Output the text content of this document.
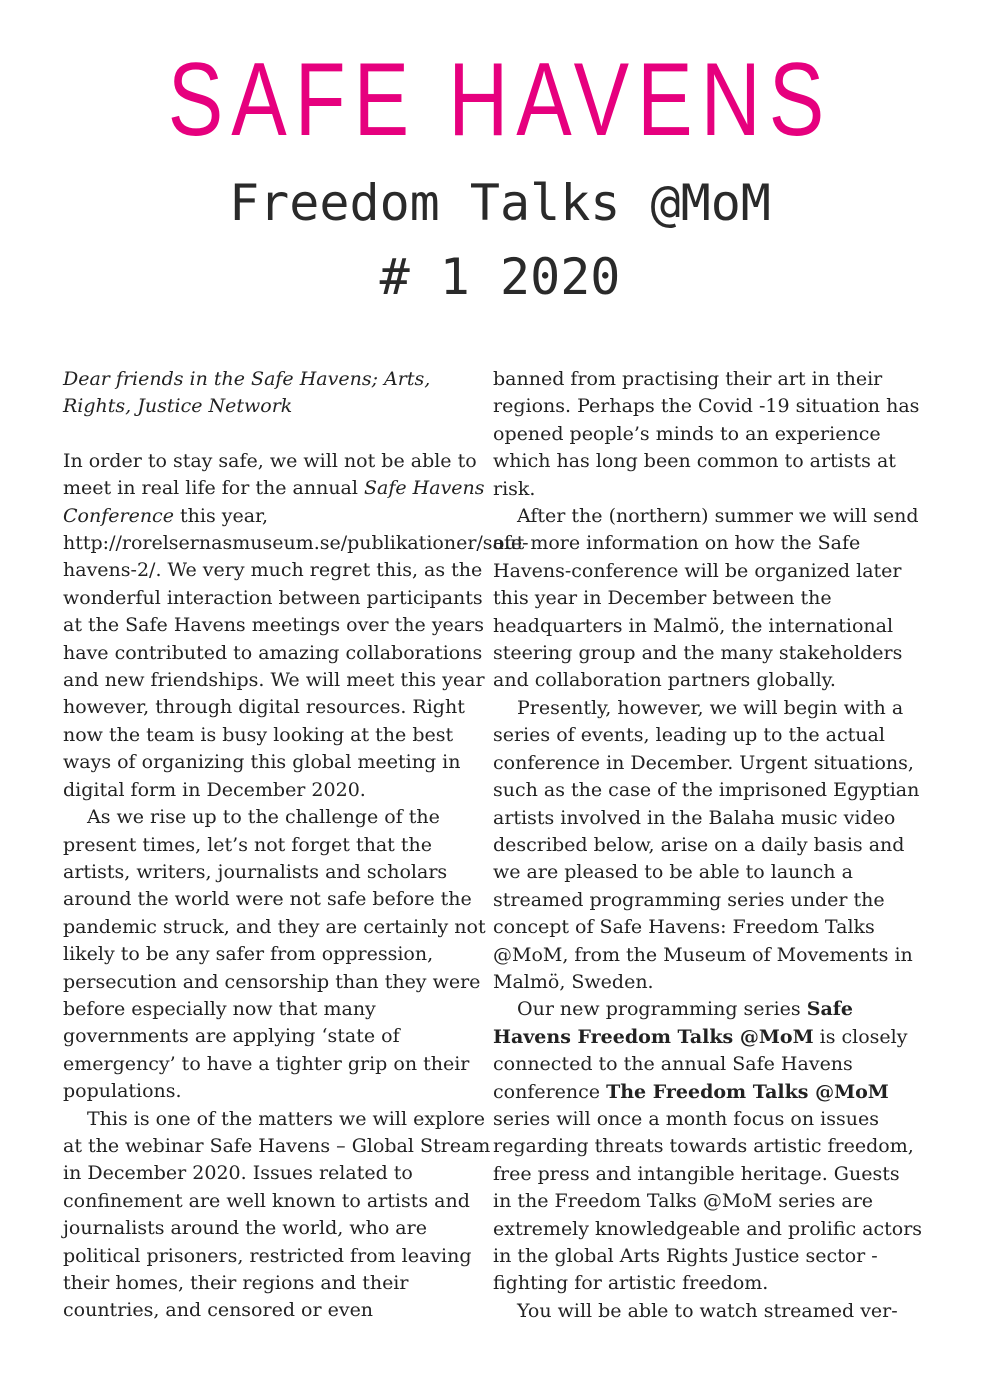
SAFE HAVENS
Freedom Talks @MoM
# 1 2020

Dear friends in the Safe Havens; Arts, Rights, Justice Network

In order to stay safe, we will not be able to meet in real life for the annual Safe Havens Conference this year, http://rorelsernasmuseum.se/publikationer/safe-havens-2/. We very much regret this, as the wonderful interaction between participants at the Safe Havens meetings over the years have contributed to amazing collaborations and new friendships. We will meet this year however, through digital resources. Right now the team is busy looking at the best ways of organizing this global meeting in digital form in December 2020.

As we rise up to the challenge of the present times, let’s not forget that the artists, writers, journalists and scholars around the world were not safe before the pandemic struck, and they are certainly not likely to be any safer from oppression, persecution and censorship than they were before especially now that many governments are applying ‘state of emergency’ to have a tighter grip on their populations.

This is one of the matters we will explore at the webinar Safe Havens – Global Stream in December 2020. Issues related to confinement are well known to artists and journalists around the world, who are political prisoners, restricted from leaving their homes, their regions and their countries, and censored or even

banned from practising their art in their regions. Perhaps the Covid -19 situation has opened people’s minds to an experience which has long been common to artists at risk.

After the (northern) summer we will send out more information on how the Safe Havens-conference will be organized later this year in December between the headquarters in Malmö, the international steering group and the many stakeholders and collaboration partners globally.

Presently, however, we will begin with a series of events, leading up to the actual conference in December. Urgent situations, such as the case of the imprisoned Egyptian artists involved in the Balaha music video described below, arise on a daily basis and we are pleased to be able to launch a streamed programming series under the concept of Safe Havens: Freedom Talks @MoM, from the Museum of Movements in Malmö, Sweden.

Our new programming series Safe Havens Freedom Talks @MoM is closely connected to the annual Safe Havens conference The Freedom Talks @MoM series will once a month focus on issues regarding threats towards artistic freedom, free press and intangible heritage. Guests in the Freedom Talks @MoM series are extremely knowledgeable and prolific actors in the global Arts Rights Justice sector - fighting for artistic freedom.

You will be able to watch streamed ver-
